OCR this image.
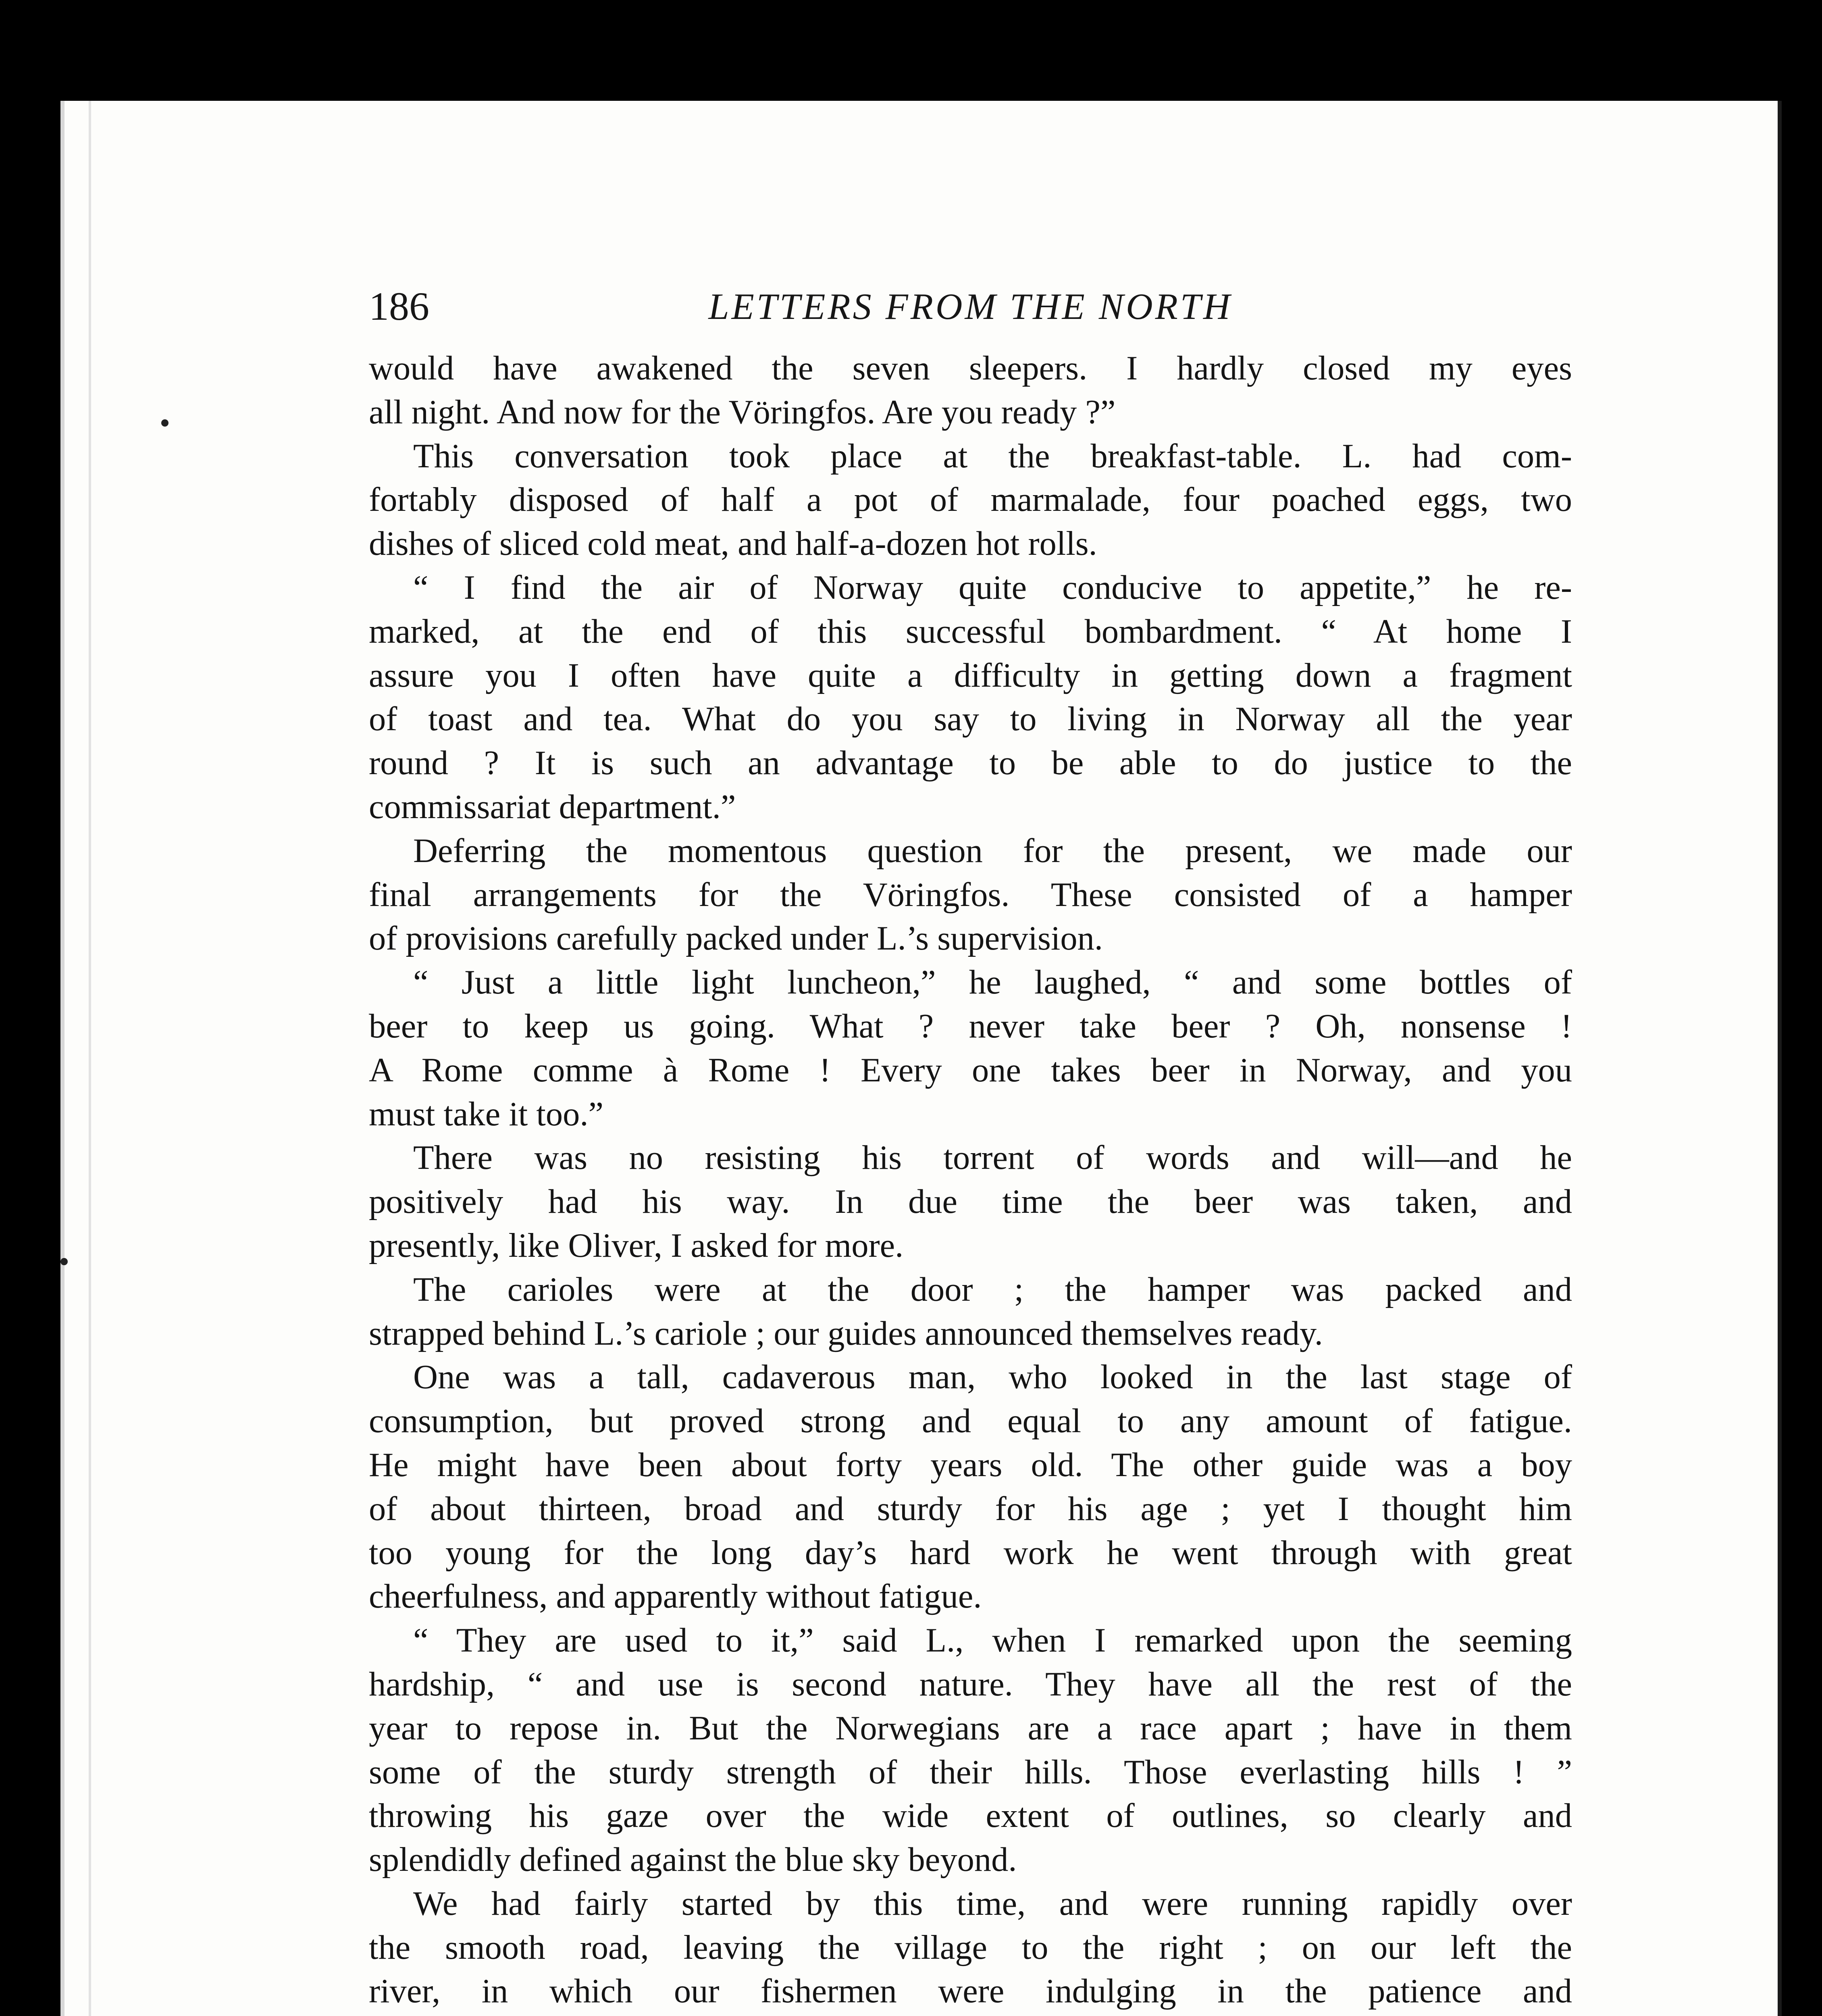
186	LETTERS FROM THE NORTH
would have awakened the seven sleepers. I hardly closed my eyes
all night. And now for the Vöringfos. Are you ready ?”
This conversation took place at the breakfast-table. L. had com-
fortably disposed of half a pot of marmalade, four poached eggs, two
dishes of sliced cold meat, and half-a-dozen hot rolls.
“ I find the air of Norway quite conducive to appetite,” he re-
marked, at the end of this successful bombardment. “ At home I
assure you I often have quite a difficulty in getting down a fragment
of toast and tea. What do you say to living in Norway all the year
round ? It is such an advantage to be able to do justice to the
commissariat department.”
Deferring the momentous question for the present, we made our
final arrangements for the Vöringfos. These consisted of a hamper
of provisions carefully packed under L.’s supervision.
“ Just a little light luncheon,” he laughed, “ and some bottles of
beer to keep us going. What ? never take beer ? Oh, nonsense !
A Rome comme à Rome ! Every one takes beer in Norway, and you
must take it too.”
There was no resisting his torrent of words and will—and he
positively had his way. In due time the beer was taken, and
presently, like Oliver, I asked for more.
The carioles were at the door ; the hamper was packed and
strapped behind L.’s cariole ; our guides announced themselves ready.
One was a tall, cadaverous man, who looked in the last stage of
consumption, but proved strong and equal to any amount of fatigue.
He might have been about forty years old. The other guide was a boy
of about thirteen, broad and sturdy for his age ; yet I thought him
too young for the long day’s hard work he went through with great
cheerfulness, and apparently without fatigue.
“ They are used to it,” said L., when I remarked upon the seeming
hardship, “ and use is second nature. They have all the rest of the
year to repose in. But the Norwegians are a race apart ; have in them
some of the sturdy strength of their hills. Those everlasting hills ! ”
throwing his gaze over the wide extent of outlines, so clearly and
splendidly defined against the blue sky beyond.
We had fairly started by this time, and were running rapidly over
the smooth road, leaving the village to the right ; on our left the
river, in which our fishermen were indulging in the patience and
